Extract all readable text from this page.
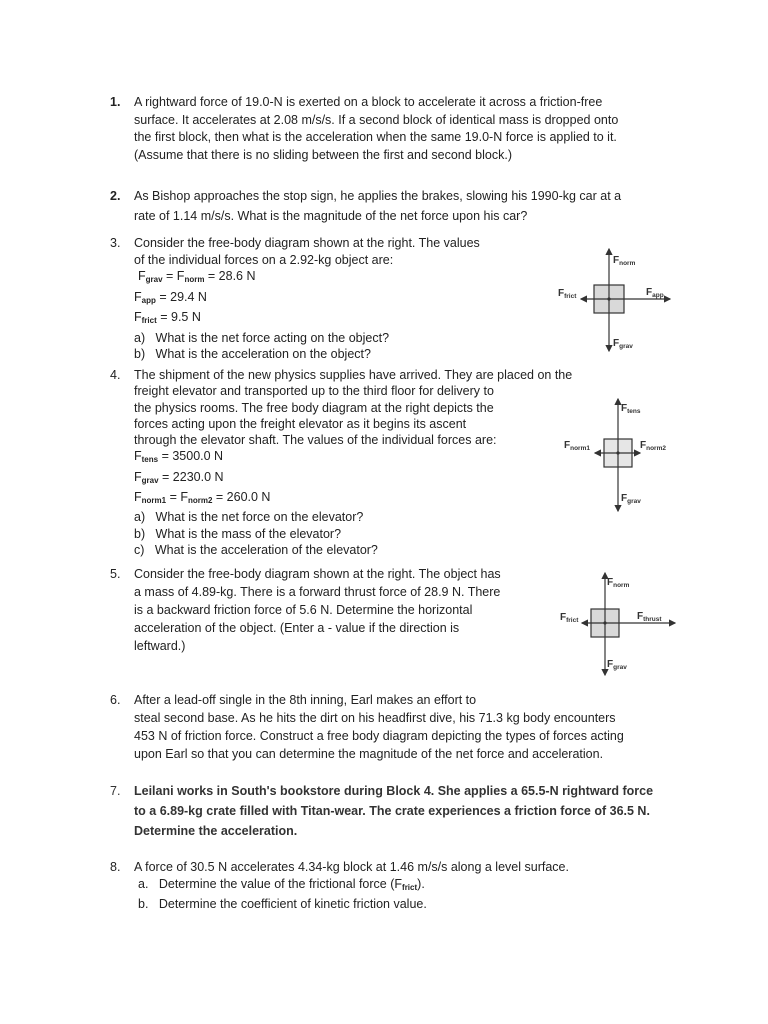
1. A rightward force of 19.0-N is exerted on a block to accelerate it across a friction-free
surface. It accelerates at 2.08 m/s/s. If a second block of identical mass is dropped onto
the first block, then what is the acceleration when the same 19.0-N force is applied to it.
(Assume that there is no sliding between the first and second block.)
2. As Bishop approaches the stop sign, he applies the brakes, slowing his 1990-kg car at a
rate of 1.14 m/s/s. What is the magnitude of the net force upon his car?
3. Consider the free-body diagram shown at the right. The values
of the individual forces on a 2.92-kg object are:
$F_{grav} = F_{norm} = 28.6$ N
$F_{app} = 29.4$ N
$F_{frict} = 9.5$ N
a) What is the net force acting on the object?
b) What is the acceleration on the object?
$F_{norm}$
$F_{frict}$	$F_{app}$
$F_{grav}$
4. The shipment of the new physics supplies have arrived. They are placed on the
freight elevator and transported up to the third floor for delivery to
the physics rooms. The free body diagram at the right depicts the
forces acting upon the freight elevator as it begins its ascent
through the elevator shaft. The values of the individual forces are:
$F_{tens} = 3500.0$ N
$F_{grav} = 2230.0$ N
$F_{norm1} = F_{norm2} = 260.0$ N
a) What is the net force on the elevator?
b) What is the mass of the elevator?
c) What is the acceleration of the elevator?
$F_{tens}$
$F_{norm1}$	$F_{norm2}$
$F_{grav}$
5. Consider the free-body diagram shown at the right. The object has
a mass of 4.89-kg. There is a forward thrust force of 28.9 N. There
is a backward friction force of 5.6 N. Determine the horizontal
acceleration of the object. (Enter a - value if the direction is
leftward.)
$F_{norm}$
$F_{frict}$	$F_{thrust}$
$F_{grav}$
6. After a lead-off single in the 8th inning, Earl makes an effort to
steal second base. As he hits the dirt on his headfirst dive, his 71.3 kg body encounters
453 N of friction force. Construct a free body diagram depicting the types of forces acting
upon Earl so that you can determine the magnitude of the net force and acceleration.
7. Leilani works in South's bookstore during Block 4. She applies a 65.5-N rightward force
to a 6.89-kg crate filled with Titan-wear. The crate experiences a friction force of 36.5 N.
Determine the acceleration.
8. A force of 30.5 N accelerates 4.34-kg block at 1.46 m/s/s along a level surface.
a. Determine the value of the frictional force $(F_{frict})$.
b. Determine the coefficient of kinetic friction value.
